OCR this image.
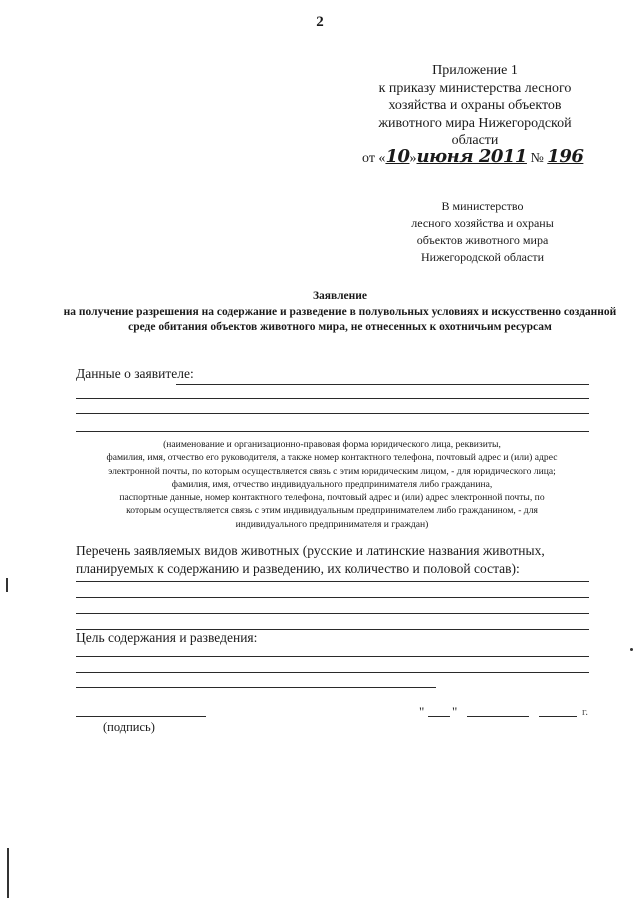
2
Приложение 1
к приказу министерства лесного
хозяйства и охраны объектов
животного мира Нижегородской
области
от «10»июня 2011 № 196
В министерство
лесного хозяйства и охраны
объектов животного мира
Нижегородской области
Заявление
на получение разрешения на содержание и разведение в полувольных условиях и искусственно созданной среде обитания объектов животного мира, не отнесенных к охотничьим ресурсам
Данные о заявителе:
(наименование и организационно-правовая форма юридического лица, реквизиты,
фамилия, имя, отчество его руководителя, а также номер контактного телефона, почтовый адрес и (или) адрес
электронной почты, по которым осуществляется связь с этим юридическим лицом, - для юридического лица;
фамилия, имя, отчество индивидуального предпринимателя либо гражданина,
паспортные данные, номер контактного телефона, почтовый адрес и (или) адрес электронной почты, по
которым осуществляется связь с этим индивидуальным предпринимателем либо гражданином, - для
индивидуального предпринимателя и граждан)
Перечень заявляемых видов животных (русские и латинские названия животных,
планируемых к содержанию и разведению, их количество и половой состав):
Цель содержания и разведения:
(подпись)
" "	г.
